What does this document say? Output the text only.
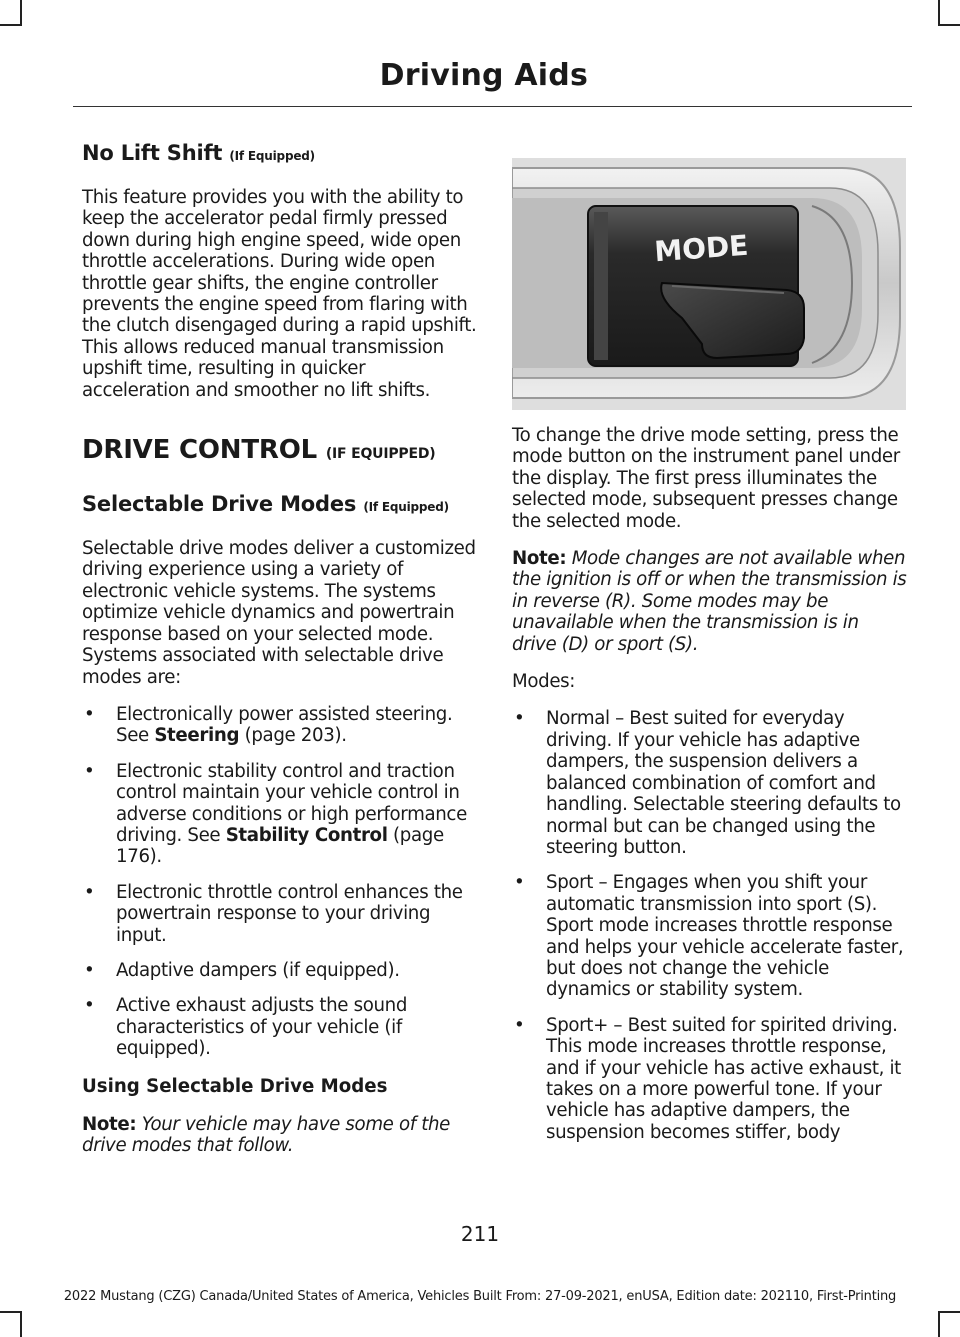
Driving Aids
No Lift Shift (If Equipped)

This feature provides you with the ability to keep the accelerator pedal firmly pressed down during high engine speed, wide open throttle accelerations. During wide open throttle gear shifts, the engine controller prevents the engine speed from flaring with the clutch disengaged during a rapid upshift. This allows reduced manual transmission upshift time, resulting in quicker acceleration and smoother no lift shifts.

DRIVE CONTROL (IF EQUIPPED)
Selectable Drive Modes (If Equipped)

Selectable drive modes deliver a customized driving experience using a variety of electronic vehicle systems. The systems optimize vehicle dynamics and powertrain response based on your selected mode. Systems associated with selectable drive modes are:

• Electronically power assisted steering. See Steering (page 203).
• Electronic stability control and traction control maintain your vehicle control in adverse conditions or high performance driving. See Stability Control (page 176).
• Electronic throttle control enhances the powertrain response to your driving input.
• Adaptive dampers (if equipped).
• Active exhaust adjusts the sound characteristics of your vehicle (if equipped).
Using Selectable Drive Modes

Note: Your vehicle may have some of the drive modes that follow.

MODE

To change the drive mode setting, press the mode button on the instrument panel under the display. The first press illuminates the selected mode, subsequent presses change the selected mode.

Note: Mode changes are not available when the ignition is off or when the transmission is in reverse (R). Some modes may be unavailable when the transmission is in drive (D) or sport (S).

Modes:

• Normal – Best suited for everyday driving. If your vehicle has adaptive dampers, the suspension delivers a balanced combination of comfort and handling. Selectable steering defaults to normal but can be changed using the steering button.
• Sport – Engages when you shift your automatic transmission into sport (S). Sport mode increases throttle response and helps your vehicle accelerate faster, but does not change the vehicle dynamics or stability system.
• Sport+ – Best suited for spirited driving. This mode increases throttle response, and if your vehicle has active exhaust, it takes on a more powerful tone. If your vehicle has adaptive dampers, the suspension becomes stiffer, body
211
2022 Mustang (CZG) Canada/United States of America, Vehicles Built From: 27-09-2021, enUSA, Edition date: 202110, First-Printing
